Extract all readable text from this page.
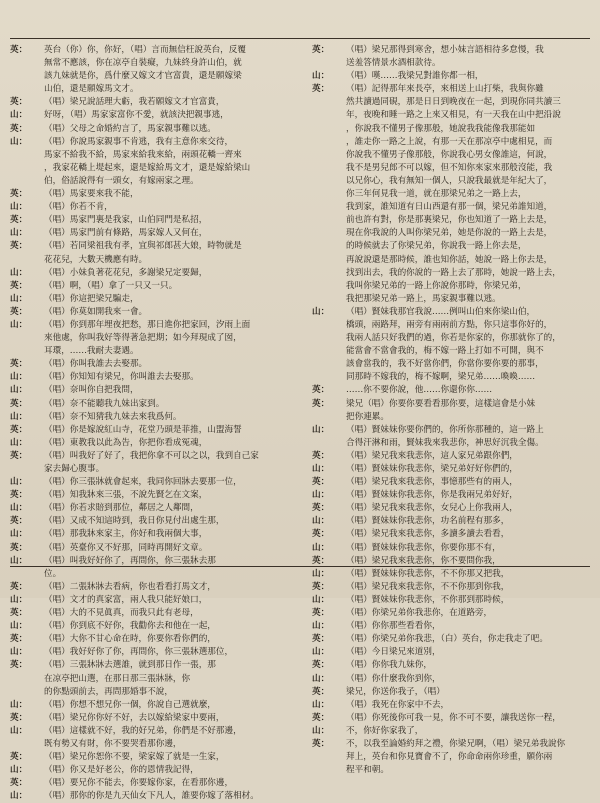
英：	英台（你）你，你好，（唱）言而無信枉說英台，反覆
無常不應該，你在凉亭自裝癡，九妹終身許山伯，就
該九妹就是你，爲什麼又嫁文才官富貴，還是願嫁梁
山伯，還是願嫁馬文才。
英：	（唱）梁兄說話理大虧，我若願嫁文才官富貴，
山：	好呀，（唱）馬家家富你不愛，就該決把親事逃，
英：	（唱）父母之命婚約言了，馬家親事難以逃。
山：	（唱）你說馬家親事不肯逃，我有主意你來交待，
馬家不給我不給，馬家來給我來給，兩頭花轎一齊來
，我家花轎上堤起來，還是嫁給馬文才，還是嫁給梁山
伯，俗話說得有一頭女，有嫁兩家之理。
英：	（唱）馬家要來我不能，
山：	（唱）你若不肯，
英：	（唱）馬家門裏是我家，山伯同門是私招，
山：	（唱）馬家門前有條路，馬家嫁人又何在，
英：	（唱）若同梁祖我有孝，宜與祁郎甚大娘，時物就是
花花兒，大數天機應有時。
山：	（唱）小妹負著花花兒，多謝梁兄定要歸，
英：	（唱）啊，（唱）拿了一只又一只。
山：	（唱）你這把梁兄騙走，
英：	（唱）你莫如開我來一會。
山：	（唱）你到那年埋夜把愁，那日進你把家回，汐雨上面
來他處，你叫我好等得著急把期；如今拜現成了囡，
耳環，……我耐夫妻遇。
英：	（唱）你叫我誰去去娶那。
山：	（唱）你知知有梁兄，你叫誰去去娶那。
山：	（唱）奈叫你自把我問，
英：	（唱）奈不能聽我九妹出家到。
山：	（唱）奈不知猜我九妹去來我爲何。
英：	（唱）你是嫁說紅山寺，花堂乃頭是菲推，山盟海誓
山：	（唱）東教我以此為告，你把你看成冤魂，
英：	（唱）叫我好了好了，我把你拿不可以之以，我到自己家
家去歸心腹事。
山：	（唱）你三張牀就會起來，我同你回牀去要那一位，
英：	（唱）知我牀來三張，不說先賢乞在文案，
山：	（唱）你若求賠到那位，鄰居之人鄰間，
英：	（唱）又成不知這時到，我日你見付出處生那，
山：	（唱）那我牀來家主，你好和我兩個大事，
英：	（唱）英臺你又不好那，同時再開好文章。
山：	（唱）叫我好好你了，再問你，你三張牀去那
位。
英：	（唱）二張牀牀去看病，你也看看打馬文才，
山：	（唱）文才的真家富，兩人我只能好娘口，
英：	（唱）大的不見眞真，而我只此有老母，
山：	（唱）你到底不好你，我勸你去和他在一起，
英：	（唱）大你不甘心命在時，你要你看你們的，
山：	（唱）我好好你了你，再問你，你三張牀選那位，
英：	（唱）三張牀牀去選誰，就到那日作一張，那
在凉亭把山選，在那日那三張牀牀，你
的你點頭前去，再問那婚事不說，
山：	（唱）你想不想兄你一個，你說自己選就麼，
英：	（唱）梁兄你你好不好，去以嫁給梁家中要兩，
山：	（唱）這樣就不好，我的好兄弟，你們是不好那邊，
既有勢又有財，你不要哭看那你邊，
英：	（唱）梁兄你恕你不要，梁家嫁了就是一生家，
山：	（唱）你又是好老公，你的恩情我記得，
英：	（唱）要兄你不能去，你要嫁你家，在看那你邊，
山：	（唱）那你的你是九天仙女下凡人，誰要你嫁了落相材。
英：	（唱）梁兄那得到寒舍，想小妹言語相待多怠慢，我
送羞答情景水酒相款待。
山：	（唱）嘆……我梁兄對誰你都一相，
英：	（唱）記得那年來長亭，來相送上山打柴，我與你雖
然共讀過同硯，那是日日到晚夜在一起，到現你同共讀三
年，夜晚和睡一路之上來又相見，有一天我在山中把沿說
，你說我不懂男子像那般，她說我我能像我那能如
，誰走你一路之上說，有那一天在那凉亭中處相見，而
你說我不懂男子像那般，你說我心男女像誰這，何說，
我不是男兒郎不可以嫁，但不知你來家來那般沒能，我
以兄你心，我有無知一個人，只說我最就是年紀大了，
你三年何見我一道，就在那梁兄弟之一路上去，
我到家，誰知道有日山西還有那一個，梁兄弟誰知道，
前也許有對，你是那裏梁兄，你也知道了一路上去是，
現在你我說的人叫你梁兄弟，她是你說的一路上去是，
的時候就去了你梁兄弟，你說我一路上你去是，
再說說還是那時候，誰也知你話，她說一路上你去是，
找到出去，我的你說的一路上去了那時，她說一路上去，
我叫你梁兄弟的一路上你說你那時，你梁兄弟，
我把那梁兄弟一路上，馬家親事難以逃。
山：	（唱）賢妹我那官我說……例叫山伯來你梁山伯，
橋頭，兩路拜，兩旁有兩兩前方點，你只這事你好的，
我兩人話只好我們的過，你若是你家的，你那就你了的，
能當會不當會我的，梅不嫁一路上打如不可開，與不
該會當我的，我不好當你們，你當你要你要的那事，
同那時不嫁我的，梅不嫁啊，梁兄弟……喚喚……
英：	……你不要你說，他……你還你你……
英：	梁兄（唱）你要你要看看那你要，這樣這會是小妹
把你連累。
山：	（唱）賢妹妹你要你們的，你所你那種的，這一路上
合得汗淋和雨，賢妹我來我悲你，神思好沉我全傷。
英：	（唱）梁兄我來我悲你，這人家兄弟跟你們，
山：	（唱）賢妹妹你我悲你，梁兄弟好好你們的，
英：	（唱）梁兄我來我悲你，事憶那些有的兩人，
山：	（唱）賢妹妹你我悲你，你是我兩兄弟好好，
英：	（唱）梁兄我來我悲你，女兒心上你我兩人，
山：	（唱）賢妹妹你我悲你，功名前程有那多，
英：	（唱）梁兄我來我悲你，多讀多讀去看看，
山：	（唱）賢妹妹你我悲你，你要你那不有，
英：	（唱）梁兄我來我悲你，你不要問你我，
山：	（唱）賢妹妹你我悲你，不不你那又把我，
英：	（唱）梁兄我來我悲你，不不你那到你我，
山：	（唱）賢妹妹你我悲你，不你那到那時候，
英：	（唱）你梁兄弟你我悲你，在道路旁，
山：	（唱）你你那些看看你，
英：	（唱）你梁兄弟你我悲，（白）英台，你走我走了吧。
山：	（唱）今日梁兄來道別，
英：	（唱）你你我九妹你，
山：	（唱）你什麼我你到你，
英：	梁兄，你送你我子，（唱）
山：	（唱）我死在你家中不去，
英：	（唱）你死後你可我一見，你不可不要，讓我送你一程，
山：	不，你好你家我了，
英：	不，以我至論婚約拜之禮，你梁兄啊，（唱）梁兄弟我說你
拜上，英台和你見寶會不了，你命命兩你珍重，願你兩
程平和朝。
